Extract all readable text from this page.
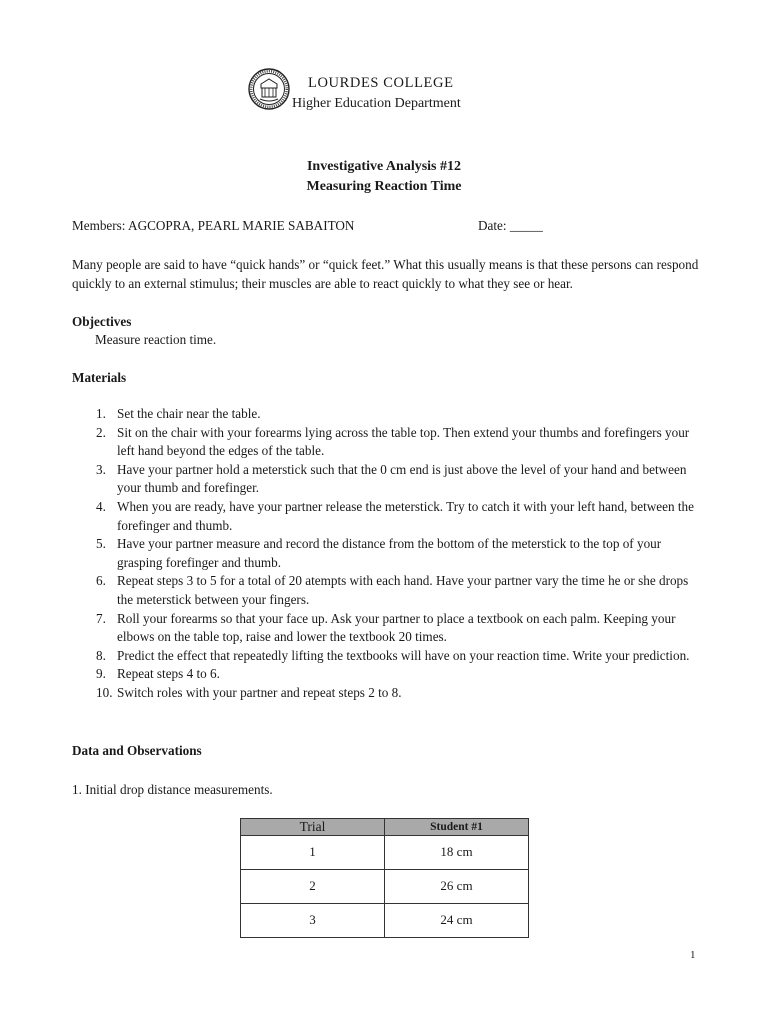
LOURDES COLLEGE
Higher Education Department
Investigative Analysis #12
Measuring Reaction Time
Members: AGCOPRA, PEARL MARIE SABAITON	Date: _____
Many people are said to have “quick hands” or “quick feet.” What this usually means is that these persons can respond quickly to an external stimulus; their muscles are able to react quickly to what they see or hear.
Objectives
Measure reaction time.
Materials
1. Set the chair near the table.
2. Sit on the chair with your forearms lying across the table top. Then extend your thumbs and forefingers your left hand beyond the edges of the table.
3. Have your partner hold a meterstick such that the 0 cm end is just above the level of your hand and between your thumb and forefinger.
4. When you are ready, have your partner release the meterstick. Try to catch it with your left hand, between the forefinger and thumb.
5. Have your partner measure and record the distance from the bottom of the meterstick to the top of your grasping forefinger and thumb.
6. Repeat steps 3 to 5 for a total of 20 atempts with each hand. Have your partner vary the time he or she drops the meterstick between your fingers.
7. Roll your forearms so that your face up. Ask your partner to place a textbook on each palm. Keeping your elbows on the table top, raise and lower the textbook 20 times.
8. Predict the effect that repeatedly lifting the textbooks will have on your reaction time. Write your prediction.
9. Repeat steps 4 to 6.
10. Switch roles with your partner and repeat steps 2 to 8.
Data and Observations
1. Initial drop distance measurements.
Trial	Student #1
1	18 cm
2	26 cm
3	24 cm
1
